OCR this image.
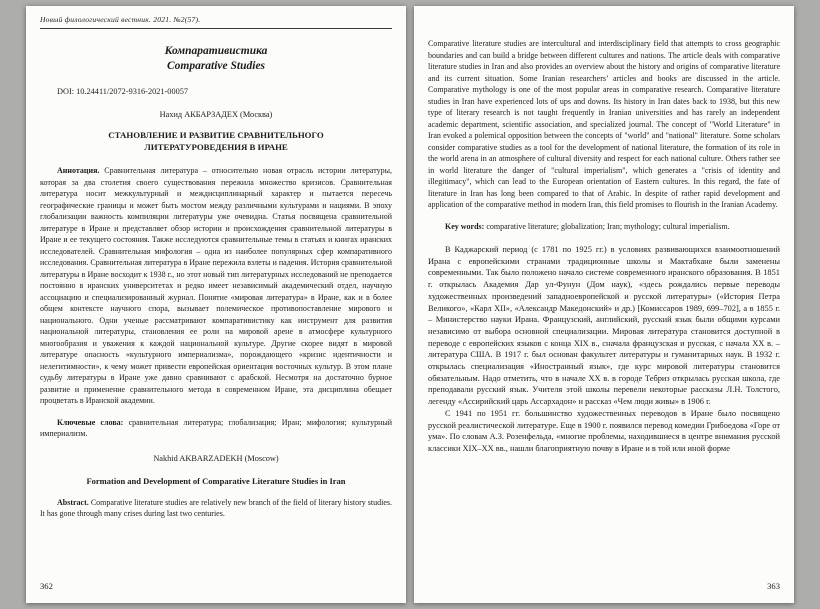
Новый филологический вестник. 2021. №2(57).
Компаративистика
Comparative Studies

DOI: 10.24411/2072-9316-2021-00057

Нахид АКБАРЗАДЕХ (Москва)

СТАНОВЛЕНИЕ И РАЗВИТИЕ СРАВНИТЕЛЬНОГО ЛИТЕРАТУРОВЕДЕНИЯ В ИРАНЕ

Аннотация. Сравнительная литература – относительно новая отрасль истории литературы, которая за два столетия своего существования пережила множество кризисов. Сравнительная литература носит межкультурный и междисциплинарный характер и пытается пересечь географические границы и может быть мостом между различными культурами и нациями. В эпоху глобализации важность компиляции литературы уже очевидна. Статья посвящена сравнительной литературе в Иране и представляет обзор истории и происхождения сравнительной литературы в Иране и ее текущего состояния. Также исследуются сравнительные темы в статьях и книгах иранских исследователей. Сравнительная мифология – одна из наиболее популярных сфер компаративного исследования. Сравнительная литература в Иране пережила взлеты и падения. История сравнительной литературы в Иране восходит к 1938 г., но этот новый тип литературных исследований не преподается постоянно в иранских университетах и редко имеет независимый академический отдел, научную ассоциацию и специализированный журнал. Понятие «мировая литература» в Иране, как и в более общем контексте научного спора, вызывает полемическое противопоставление мирового и национального. Одни ученые рассматривают компаративистику как инструмент для развития национальной литературы, становления ее роли на мировой арене в атмосфере культурного многообразия и уважения к каждой национальной культуре. Другие скорее видят в мировой литературе опасность «культурного империализма», порождающего «кризис идентичности и нелегитимности», к чему может привести европейская ориентация восточных культур. В этом плане судьбу литературы в Иране уже давно сравнивают с арабской. Несмотря на достаточно бурное развитие и применение сравнительного метода в современном Иране, эта дисциплина обещает процветать в Иранской академии.

Ключевые слова: сравнительная литература; глобализация; Иран; мифология; культурный империализм.

Nakhid AKBARZADEKH (Moscow)

Formation and Development of Comparative Literature Studies in Iran

Abstract. Comparative literature studies are relatively new branch of the field of literary history studies. It has gone through many crises during last two centuries.

362

Comparative literature studies are intercultural and interdisciplinary field that attempts to cross geographic boundaries and can build a bridge between different cultures and nations. The article deals with comparative literature studies in Iran and also provides an overview about the history and origins of comparative literature and its current situation. Some Iranian researchers’ articles and books are discussed in the article. Comparative mythology is one of the most popular areas in comparative research. Comparative literature studies in Iran have experienced lots of ups and downs. Its history in Iran dates back to 1938, but this new type of literary research is not taught frequently in Iranian universities and has rarely an independent academic department, scientific association, and specialized journal. The concept of "World Literature" in Iran evoked a polemical opposition between the concepts of "world" and "national" literature. Some scholars consider comparative studies as a tool for the development of national literature, the formation of its role in the world arena in an atmosphere of cultural diversity and respect for each national culture. Others rather see in world literature the danger of "cultural imperialism", which generates a "crisis of identity and illegitimacy", which can lead to the European orientation of Eastern cultures. In this regard, the fate of literature in Iran has long been compared to that of Arabic. In despite of rather rapid development and application of the comparative method in modern Iran, this field promises to flourish in the Iranian Academy.

Key words: comparative literature; globalization; Iran; mythology; cultural imperialism.

В Каджарский период (с 1781 по 1925 гг.) в условиях развивающихся взаимоотношений Ирана с европейскими странами традиционные школы и Мактабхане были заменены современными. Так было положено начало системе современного иранского образования. В 1851 г. открылась Академия Дар ул-Фунун (Дом наук), «здесь рождались первые переводы художественных произведений западноевропейской и русской литературы» («История Петра Великого», «Карл XII», «Александр Македонский» и др.) [Комиссаров 1989, 699–702], а в 1855 г. – Министерство науки Ирана. Французский, английский, русский язык были общими курсами независимо от выбора основной специализации. Мировая литература становится доступной в переводе с европейских языков с конца XIX в., сначала французская и русская, с начала XX в. – литература США. В 1917 г. был основан факультет литературы и гуманитарных наук. В 1932 г. открылась специализация «Иностранный язык», где курс мировой литературы становится обязательным. Надо отметить, что в начале XX в. в городе Тебриз открылась русская школа, где преподавали русский язык. Учителя этой школы перевели некоторые рассказы Л.Н. Толстого, легенду «Ассирийский царь Ассархадон» и рассказ «Чем люди живы» в 1906 г.

С 1941 по 1951 гг. большинство художественных переводов в Иране было посвящено русской реалистической литературе. Еще в 1900 г. появился перевод комедии Грибоедова «Горе от ума». По словам А.З. Розенфельда, «многие проблемы, находившиеся в центре внимания русской классики XIX–XX вв., нашли благоприятную почву в Иране и в той или иной форме

363
